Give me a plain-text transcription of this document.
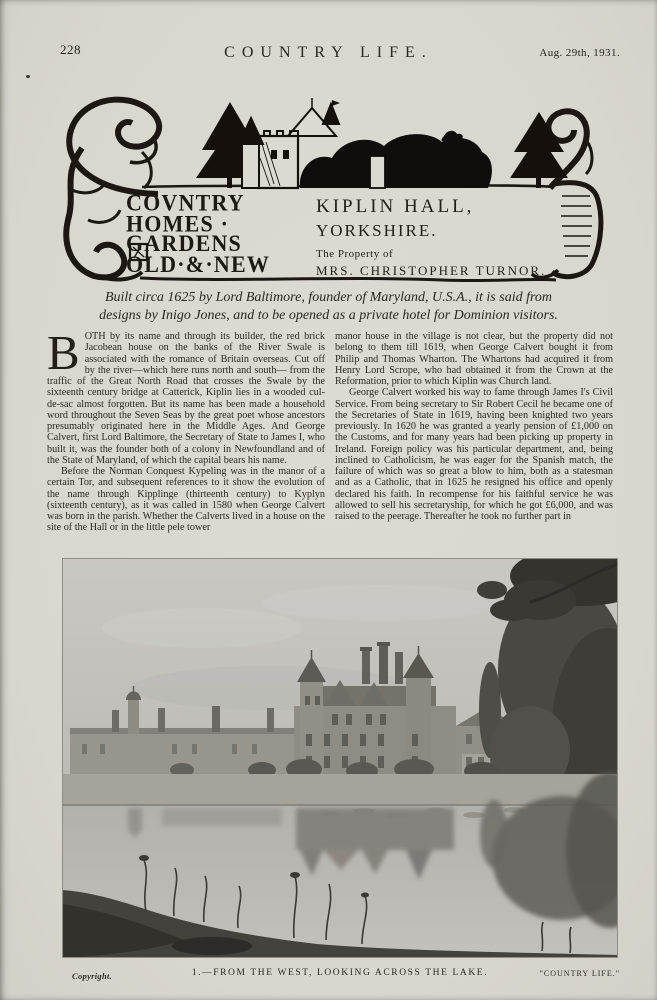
228	COUNTRY LIFE.	Aug. 29th, 1931.
COVNTRY
HOMES ·
GARDENS
OLD·&·NEW
KIPLIN HALL,
YORKSHIRE.
The Property of
MRS. CHRISTOPHER TURNOR.
Built circa 1625 by Lord Baltimore, founder of Maryland, U.S.A., it is said from
designs by Inigo Jones, and to be opened as a private hotel for Dominion visitors.

BOTH by its name and through its builder, the red brick Jacobean house on the banks of the River Swale is associated with the romance of Britain overseas. Cut off by the river—which here runs north and south— from the traffic of the Great North Road that crosses the Swale by the sixteenth century bridge at Catterick, Kiplin lies in a wooded cul-de-sac almost forgotten. But its name has been made a household word throughout the Seven Seas by the great poet whose ancestors presumably originated here in the Middle Ages. And George Calvert, first Lord Baltimore, the Secretary of State to James I, who built it, was the founder both of a colony in Newfoundland and of the State of Maryland, of which the capital bears his name.

Before the Norman Conquest Kypeling was in the manor of a certain Tor, and subsequent references to it show the evolution of the name through Kipplinge (thirteenth century) to Kyplyn (sixteenth century), as it was called in 1580 when George Calvert was born in the parish. Whether the Calverts lived in a house on the site of the Hall or in the little pele tower

manor house in the village is not clear, but the property did not belong to them till 1619, when George Calvert bought it from Philip and Thomas Wharton. The Whartons had acquired it from Henry Lord Scrope, who had obtained it from the Crown at the Reformation, prior to which Kiplin was Church land.

George Calvert worked his way to fame through James I's Civil Service. From being secretary to Sir Robert Cecil he became one of the Secretaries of State in 1619, having been knighted two years previously. In 1620 he was granted a yearly pension of £1,000 on the Customs, and for many years had been picking up property in Ireland. Foreign policy was his particular department, and, being inclined to Catholicism, he was eager for the Spanish match, the failure of which was so great a blow to him, both as a statesman and as a Catholic, that in 1625 he resigned his office and openly declared his faith. In recompense for his faithful service he was allowed to sell his secretaryship, for which he got £6,000, and was raised to the peerage. Thereafter he took no further part in

Copyright.	1.—FROM THE WEST, LOOKING ACROSS THE LAKE.	"COUNTRY LIFE."
